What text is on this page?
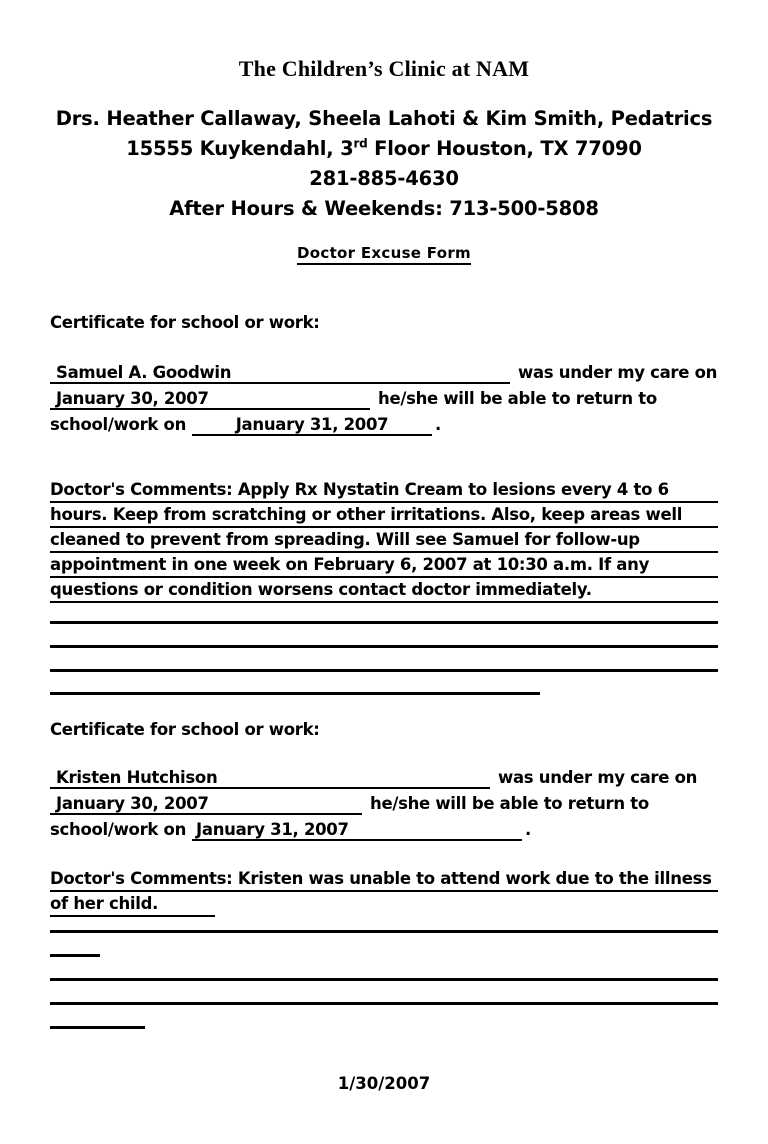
The Children’s Clinic at NAM
Drs. Heather Callaway, Sheela Lahoti & Kim Smith, Pedatrics
15555 Kuykendahl, 3rd Floor Houston, TX 77090
281-885-4630
After Hours & Weekends: 713-500-5808
Doctor Excuse Form
Certificate for school or work:
Samuel A. Goodwin	was under my care on
January 30, 2007	he/she will be able to return to
school/work on	January 31, 2007	.
Doctor's Comments: Apply Rx Nystatin Cream to lesions every 4 to 6
hours. Keep from scratching or other irritations. Also, keep areas well
cleaned to prevent from spreading. Will see Samuel for follow-up
appointment in one week on February 6, 2007 at 10:30 a.m. If any
questions or condition worsens contact doctor immediately.
Certificate for school or work:
Kristen Hutchison	was under my care on
January 30, 2007	he/she will be able to return to
school/work on January 31, 2007	.
Doctor's Comments: Kristen was unable to attend work due to the illness
of her child.
1/30/2007
